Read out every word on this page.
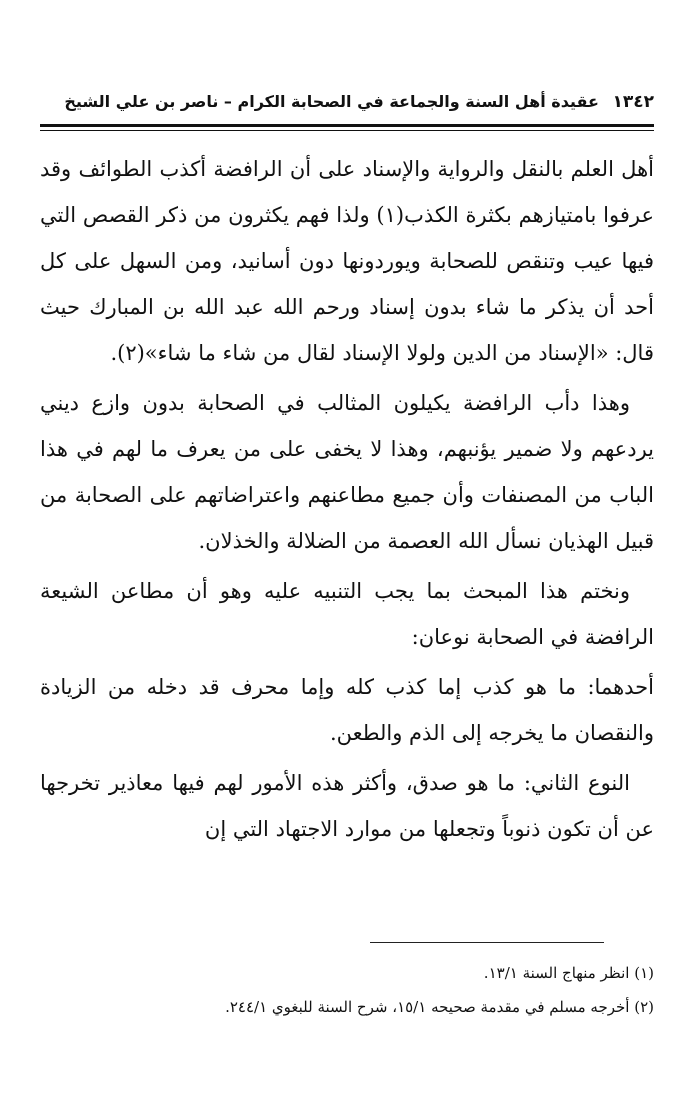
١٣٤٢ عقيدة أهل السنة والجماعة في الصحابة الكرام – ناصر بن علي الشيخ

أهل العلم بالنقل والرواية والإسناد على أن الرافضة أكذب الطوائف وقد عرفوا بامتيازهم بكثرة الكذب(١) ولذا فهم يكثرون من ذكر القصص التي فيها عيب وتنقص للصحابة ويوردونها دون أسانيد، ومن السهل على كل أحد أن يذكر ما شاء بدون إسناد ورحم الله عبد الله بن المبارك حيث قال: «الإسناد من الدين ولولا الإسناد لقال من شاء ما شاء»(٢).

وهذا دأب الرافضة يكيلون المثالب في الصحابة بدون وازع ديني يردعهم ولا ضمير يؤنبهم، وهذا لا يخفى على من يعرف ما لهم في هذا الباب من المصنفات وأن جميع مطاعنهم واعتراضاتهم على الصحابة من قبيل الهذيان نسأل الله العصمة من الضلالة والخذلان.

ونختم هذا المبحث بما يجب التنبيه عليه وهو أن مطاعن الشيعة الرافضة في الصحابة نوعان:

أحدهما: ما هو كذب إما كذب كله وإما محرف قد دخله من الزيادة والنقصان ما يخرجه إلى الذم والطعن.

النوع الثاني: ما هو صدق، وأكثر هذه الأمور لهم فيها معاذير تخرجها عن أن تكون ذنوباً وتجعلها من موارد الاجتهاد التي إن

(١) انظر منهاج السنة ١٣/١.
(٢) أخرجه مسلم في مقدمة صحيحه ١٥/١، شرح السنة للبغوي ٢٤٤/١.
